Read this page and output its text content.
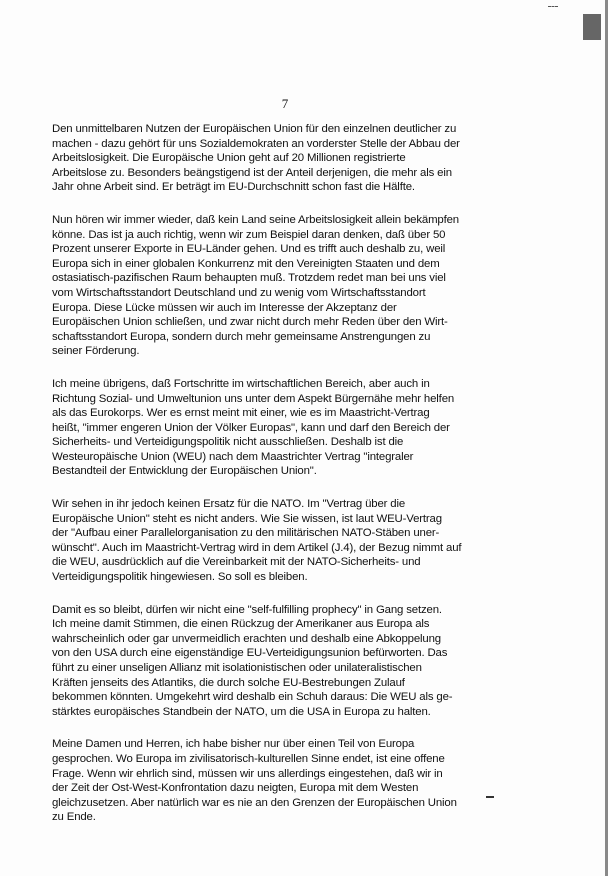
7

Den unmittelbaren Nutzen der Europäischen Union für den einzelnen deutlicher zu
machen - dazu gehört für uns Sozialdemokraten an vorderster Stelle der Abbau der
Arbeitslosigkeit. Die Europäische Union geht auf 20 Millionen registrierte
Arbeitslose zu. Besonders beängstigend ist der Anteil derjenigen, die mehr als ein
Jahr ohne Arbeit sind. Er beträgt im EU-Durchschnitt schon fast die Hälfte.

Nun hören wir immer wieder, daß kein Land seine Arbeitslosigkeit allein bekämpfen
könne. Das ist ja auch richtig, wenn wir zum Beispiel daran denken, daß über 50
Prozent unserer Exporte in EU-Länder gehen. Und es trifft auch deshalb zu, weil
Europa sich in einer globalen Konkurrenz mit den Vereinigten Staaten und dem
ostasiatisch-pazifischen Raum behaupten muß. Trotzdem redet man bei uns viel
vom Wirtschaftsstandort Deutschland und zu wenig vom Wirtschaftsstandort
Europa. Diese Lücke müssen wir auch im Interesse der Akzeptanz der
Europäischen Union schließen, und zwar nicht durch mehr Reden über den Wirt-
schaftsstandort Europa, sondern durch mehr gemeinsame Anstrengungen zu
seiner Förderung.

Ich meine übrigens, daß Fortschritte im wirtschaftlichen Bereich, aber auch in
Richtung Sozial- und Umweltunion uns unter dem Aspekt Bürgernähe mehr helfen
als das Eurokorps. Wer es ernst meint mit einer, wie es im Maastricht-Vertrag
heißt, "immer engeren Union der Völker Europas", kann und darf den Bereich der
Sicherheits- und Verteidigungspolitik nicht ausschließen. Deshalb ist die
Westeuropäische Union (WEU) nach dem Maastrichter Vertrag "integraler
Bestandteil der Entwicklung der Europäischen Union".

Wir sehen in ihr jedoch keinen Ersatz für die NATO. Im "Vertrag über die
Europäische Union" steht es nicht anders. Wie Sie wissen, ist laut WEU-Vertrag
der "Aufbau einer Parallelorganisation zu den militärischen NATO-Stäben uner-
wünscht". Auch im Maastricht-Vertrag wird in dem Artikel (J.4), der Bezug nimmt auf
die WEU, ausdrücklich auf die Vereinbarkeit mit der NATO-Sicherheits- und
Verteidigungspolitik hingewiesen. So soll es bleiben.

Damit es so bleibt, dürfen wir nicht eine "self-fulfilling prophecy" in Gang setzen.
Ich meine damit Stimmen, die einen Rückzug der Amerikaner aus Europa als
wahrscheinlich oder gar unvermeidlich erachten und deshalb eine Abkoppelung
von den USA durch eine eigenständige EU-Verteidigungsunion befürworten. Das
führt zu einer unseligen Allianz mit isolationistischen oder unilateralistischen
Kräften jenseits des Atlantiks, die durch solche EU-Bestrebungen Zulauf
bekommen könnten. Umgekehrt wird deshalb ein Schuh daraus: Die WEU als ge-
stärktes europäisches Standbein der NATO, um die USA in Europa zu halten.

Meine Damen und Herren, ich habe bisher nur über einen Teil von Europa
gesprochen. Wo Europa im zivilisatorisch-kulturellen Sinne endet, ist eine offene
Frage. Wenn wir ehrlich sind, müssen wir uns allerdings eingestehen, daß wir in
der Zeit der Ost-West-Konfrontation dazu neigten, Europa mit dem Westen
gleichzusetzen. Aber natürlich war es nie an den Grenzen der Europäischen Union
zu Ende.
